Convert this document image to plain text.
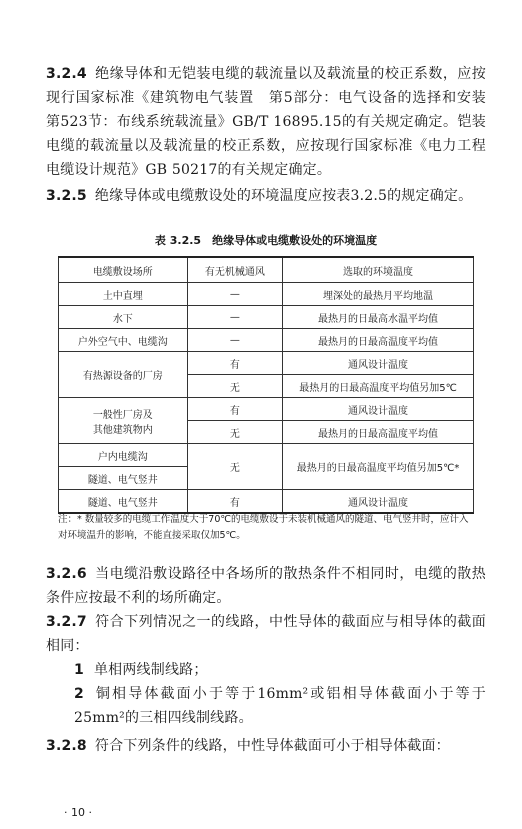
3.2.4 绝缘导体和无铠装电缆的载流量以及载流量的校正系数，应按现行国家标准《建筑物电气装置　第5部分：电气设备的选择和安装　第523节：布线系统载流量》GB/T 16895.15的有关规定确定。铠装电缆的载流量以及载流量的校正系数，应按现行国家标准《电力工程电缆设计规范》GB 50217的有关规定确定。
3.2.5 绝缘导体或电缆敷设处的环境温度应按表3.2.5的规定确定。
表 3.2.5　绝缘导体或电缆敷设处的环境温度
电缆敷设场所	有无机械通风	选取的环境温度
土中直埋	—	埋深处的最热月平均地温
水下	—	最热月的日最高水温平均值
户外空气中、电缆沟	—	最热月的日最高温度平均值
有热源设备的厂房	有	通风设计温度
	无	最热月的日最高温度平均值另加5℃

一般性厂房及
其他建筑物内	有	通风设计温度
	无	最热月的日最高温度平均值
户内电缆沟	无	最热月的日最高温度平均值另加5℃*
隧道、电气竖井		
隧道、电气竖井	有	通风设计温度
注：* 数量较多的电缆工作温度大于70℃的电缆敷设于未装机械通风的隧道、电气竖井时，应计入对环境温升的影响，不能直接采取仅加5℃。
3.2.6 当电缆沿敷设路径中各场所的散热条件不相同时，电缆的散热条件应按最不利的场所确定。
3.2.7 符合下列情况之一的线路，中性导体的截面应与相导体的截面相同：
1 单相两线制线路；
2 铜相导体截面小于等于16mm²或铝相导体截面小于等于25mm²的三相四线制线路。
3.2.8 符合下列条件的线路，中性导体截面可小于相导体截面：
· 10 ·
